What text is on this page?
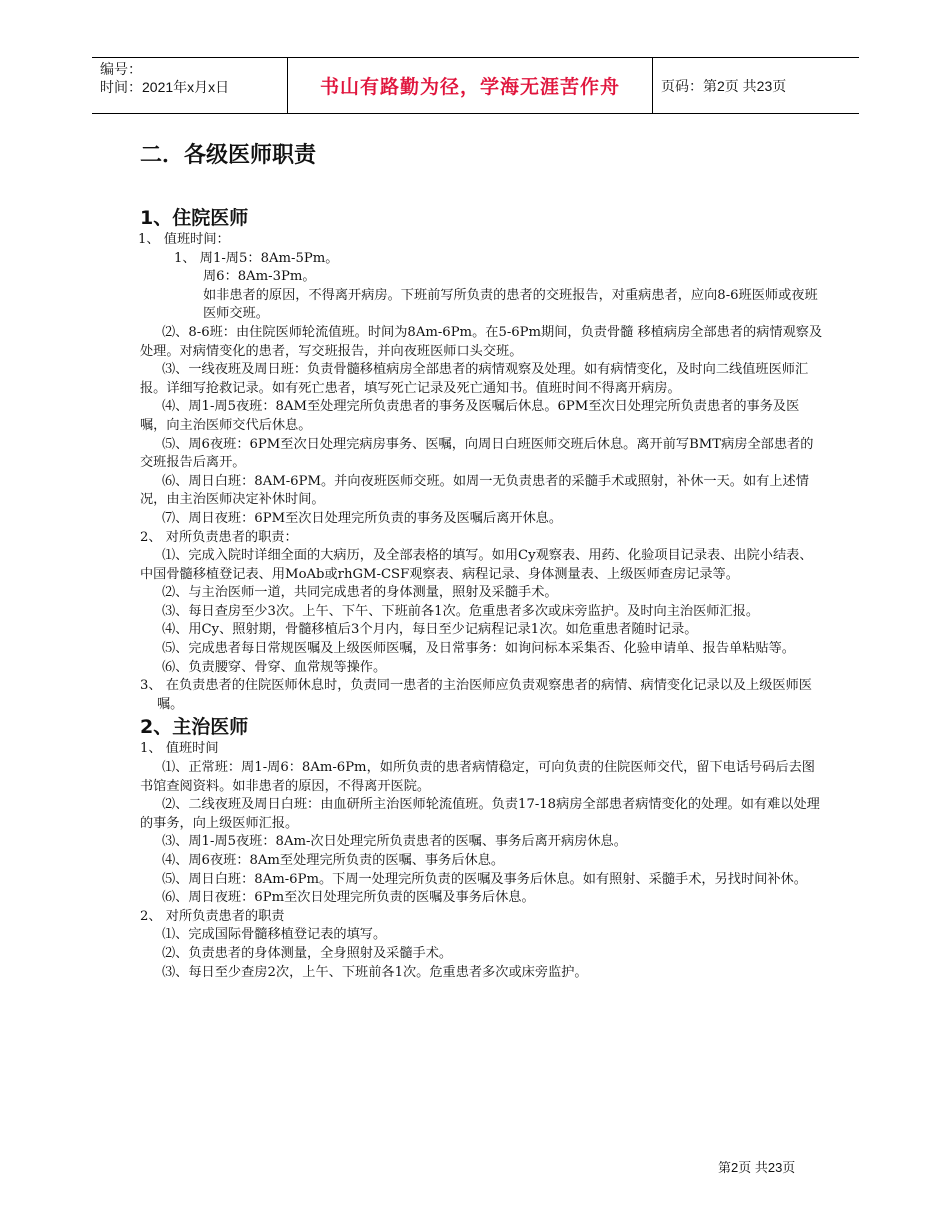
编号：
时间：2021年x月x日	书山有路勤为径，学海无涯苦作舟	页码：第2页 共23页
二．各级医师职责
1、住院医师

1、 值班时间：

1、 周1-周5：8Am-5Pm。

周6：8Am-3Pm。

如非患者的原因，不得离开病房。下班前写所负责的患者的交班报告，对重病患者，应向8-6班医师或夜班医师交班。

⑵、8-6班：由住院医师轮流值班。时间为8Am-6Pm。在5-6Pm期间，负责骨髓 移植病房全部患者的病情观察及处理。对病情变化的患者，写交班报告，并向夜班医师口头交班。

⑶、一线夜班及周日班：负责骨髓移植病房全部患者的病情观察及处理。如有病情变化，及时向二线值班医师汇报。详细写抢救记录。如有死亡患者，填写死亡记录及死亡通知书。值班时间不得离开病房。

⑷、周1-周5夜班：8AM至处理完所负责患者的事务及医嘱后休息。6PM至次日处理完所负责患者的事务及医嘱，向主治医师交代后休息。

⑸、周6夜班：6PM至次日处理完病房事务、医嘱，向周日白班医师交班后休息。离开前写BMT病房全部患者的交班报告后离开。

⑹、周日白班：8AM-6PM。并向夜班医师交班。如周一无负责患者的采髓手术或照射，补休一天。如有上述情况，由主治医师决定补休时间。

⑺、周日夜班：6PM至次日处理完所负责的事务及医嘱后离开休息。

2、 对所负责患者的职责：

⑴、完成入院时详细全面的大病历，及全部表格的填写。如用Cy观察表、用药、化验项目记录表、出院小结表、中国骨髓移植登记表、用MoAb或rhGM-CSF观察表、病程记录、身体测量表、上级医师查房记录等。

⑵、与主治医师一道，共同完成患者的身体测量，照射及采髓手术。

⑶、每日查房至少3次。上午、下午、下班前各1次。危重患者多次或床旁监护。及时向主治医师汇报。

⑷、用Cy、照射期，骨髓移植后3个月内，每日至少记病程记录1次。如危重患者随时记录。

⑸、完成患者每日常规医嘱及上级医师医嘱，及日常事务：如询问标本采集否、化验申请单、报告单粘贴等。

⑹、负责腰穿、骨穿、血常规等操作。

3、 在负责患者的住院医师休息时，负责同一患者的主治医师应负责观察患者的病情、病情变化记录以及上级医师医嘱。

2、主治医师

1、 值班时间

⑴、正常班：周1-周6：8Am-6Pm，如所负责的患者病情稳定，可向负责的住院医师交代，留下电话号码后去图书馆查阅资料。如非患者的原因，不得离开医院。

⑵、二线夜班及周日白班：由血研所主治医师轮流值班。负责17-18病房全部患者病情变化的处理。如有难以处理的事务，向上级医师汇报。

⑶、周1-周5夜班：8Am-次日处理完所负责患者的医嘱、事务后离开病房休息。

⑷、周6夜班：8Am至处理完所负责的医嘱、事务后休息。

⑸、周日白班：8Am-6Pm。下周一处理完所负责的医嘱及事务后休息。如有照射、采髓手术，另找时间补休。

⑹、周日夜班：6Pm至次日处理完所负责的医嘱及事务后休息。

2、 对所负责患者的职责

⑴、完成国际骨髓移植登记表的填写。

⑵、负责患者的身体测量，全身照射及采髓手术。

⑶、每日至少查房2次，上午、下班前各1次。危重患者多次或床旁监护。

第2页 共23页
